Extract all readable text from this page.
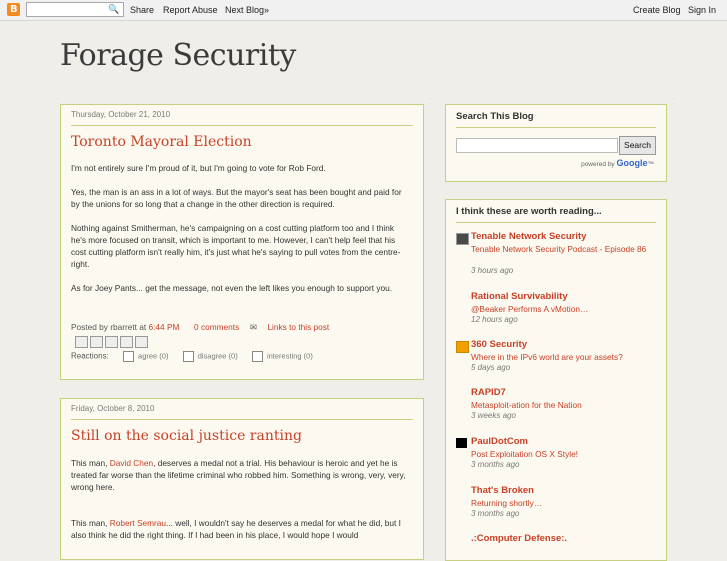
B	🔍 Share Report Abuse Next Blog»	Create Blog Sign In
Forage Security
˙	˙	˙
Thursday, October 21, 2010
Toronto Mayoral Election

I'm not entirely sure I'm proud of it, but I'm going to vote for Rob Ford.

Yes, the man is an ass in a lot of ways. But the mayor's seat has been bought and paid for by the unions for so long that a change in the other direction is required.

Nothing against Smitherman, he's campaigning on a cost cutting platform too and I think he's more focused on transit, which is important to me. However, I can't help feel that his cost cutting platform isn't really him, it's just what he's saying to pull votes from the centre-right.

As for Joey Pants... get the message, not even the left likes you enough to support you.

Posted by rbarrett at 6:44 PM 0 comments ✉ Links to this post
Reactions:	agree (0)	disagree (0)	interesting (0)
Friday, October 8, 2010
Still on the social justice ranting

This man, David Chen, deserves a medal not a trial. His behaviour is heroic and yet he is treated far worse than the lifetime criminal who robbed him. Something is wrong, very, very, wrong here.

This man, Robert Semrau... well, I wouldn't say he deserves a medal for what he did, but I also think he did the right thing. If I had been in his place, I would hope I would

Search This Blog
Search
powered by Google™
I think these are worth reading...
Tenable Network Security
Tenable Network Security Podcast - Episode 86
3 hours ago
Rational Survivability
@Beaker Performs A vMotion…
12 hours ago
360 Security
Where in the IPv6 world are your assets?
5 days ago
RAPID7
Metasploit-ation for the Nation
3 weeks ago
PaulDotCom
Post Exploitation OS X Style!
3 months ago
That's Broken
Returning shortly…
3 months ago
.:Computer Defense:.
